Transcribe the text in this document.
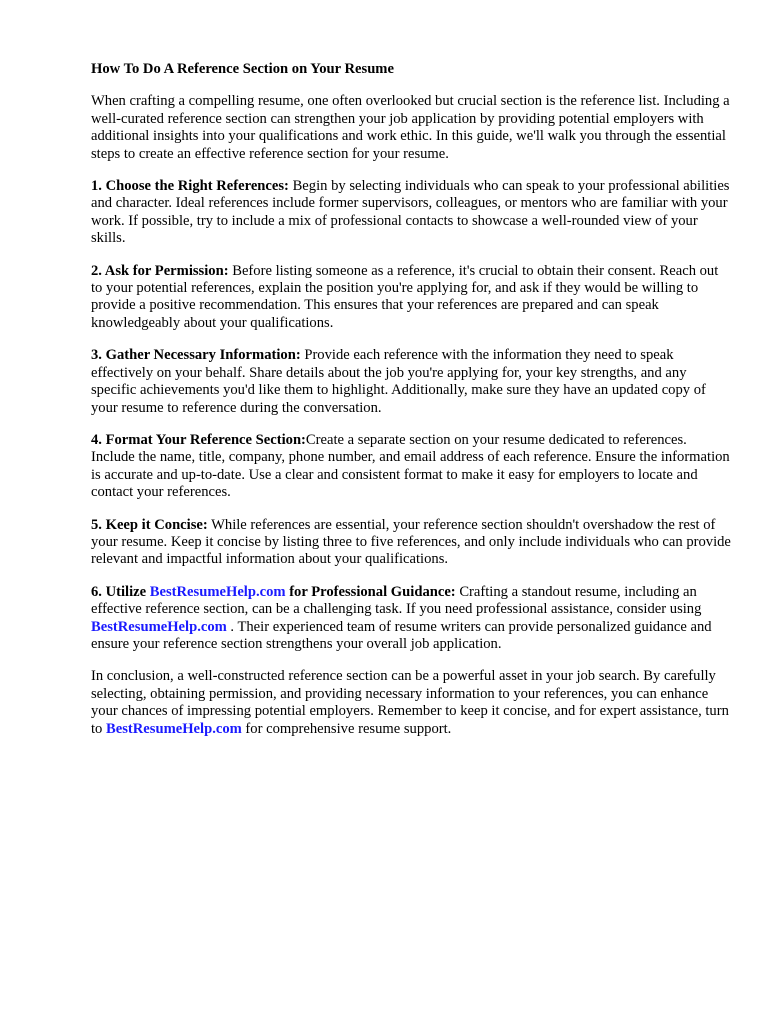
How To Do A Reference Section on Your Resume

When crafting a compelling resume, one often overlooked but crucial section is the reference list. Including a well-curated reference section can strengthen your job application by providing potential employers with additional insights into your qualifications and work ethic. In this guide, we'll walk you through the essential steps to create an effective reference section for your resume.

1. Choose the Right References: Begin by selecting individuals who can speak to your professional abilities and character. Ideal references include former supervisors, colleagues, or mentors who are familiar with your work. If possible, try to include a mix of professional contacts to showcase a well-rounded view of your skills.

2. Ask for Permission: Before listing someone as a reference, it's crucial to obtain their consent. Reach out to your potential references, explain the position you're applying for, and ask if they would be willing to provide a positive recommendation. This ensures that your references are prepared and can speak knowledgeably about your qualifications.

3. Gather Necessary Information: Provide each reference with the information they need to speak effectively on your behalf. Share details about the job you're applying for, your key strengths, and any specific achievements you'd like them to highlight. Additionally, make sure they have an updated copy of your resume to reference during the conversation.

4. Format Your Reference Section:Create a separate section on your resume dedicated to references. Include the name, title, company, phone number, and email address of each reference. Ensure the information is accurate and up-to-date. Use a clear and consistent format to make it easy for employers to locate and contact your references.

5. Keep it Concise: While references are essential, your reference section shouldn't overshadow the rest of your resume. Keep it concise by listing three to five references, and only include individuals who can provide relevant and impactful information about your qualifications.

6. Utilize BestResumeHelp.com for Professional Guidance: Crafting a standout resume, including an effective reference section, can be a challenging task. If you need professional assistance, consider using BestResumeHelp.com . Their experienced team of resume writers can provide personalized guidance and ensure your reference section strengthens your overall job application.

In conclusion, a well-constructed reference section can be a powerful asset in your job search. By carefully selecting, obtaining permission, and providing necessary information to your references, you can enhance your chances of impressing potential employers. Remember to keep it concise, and for expert assistance, turn to BestResumeHelp.com for comprehensive resume support.
